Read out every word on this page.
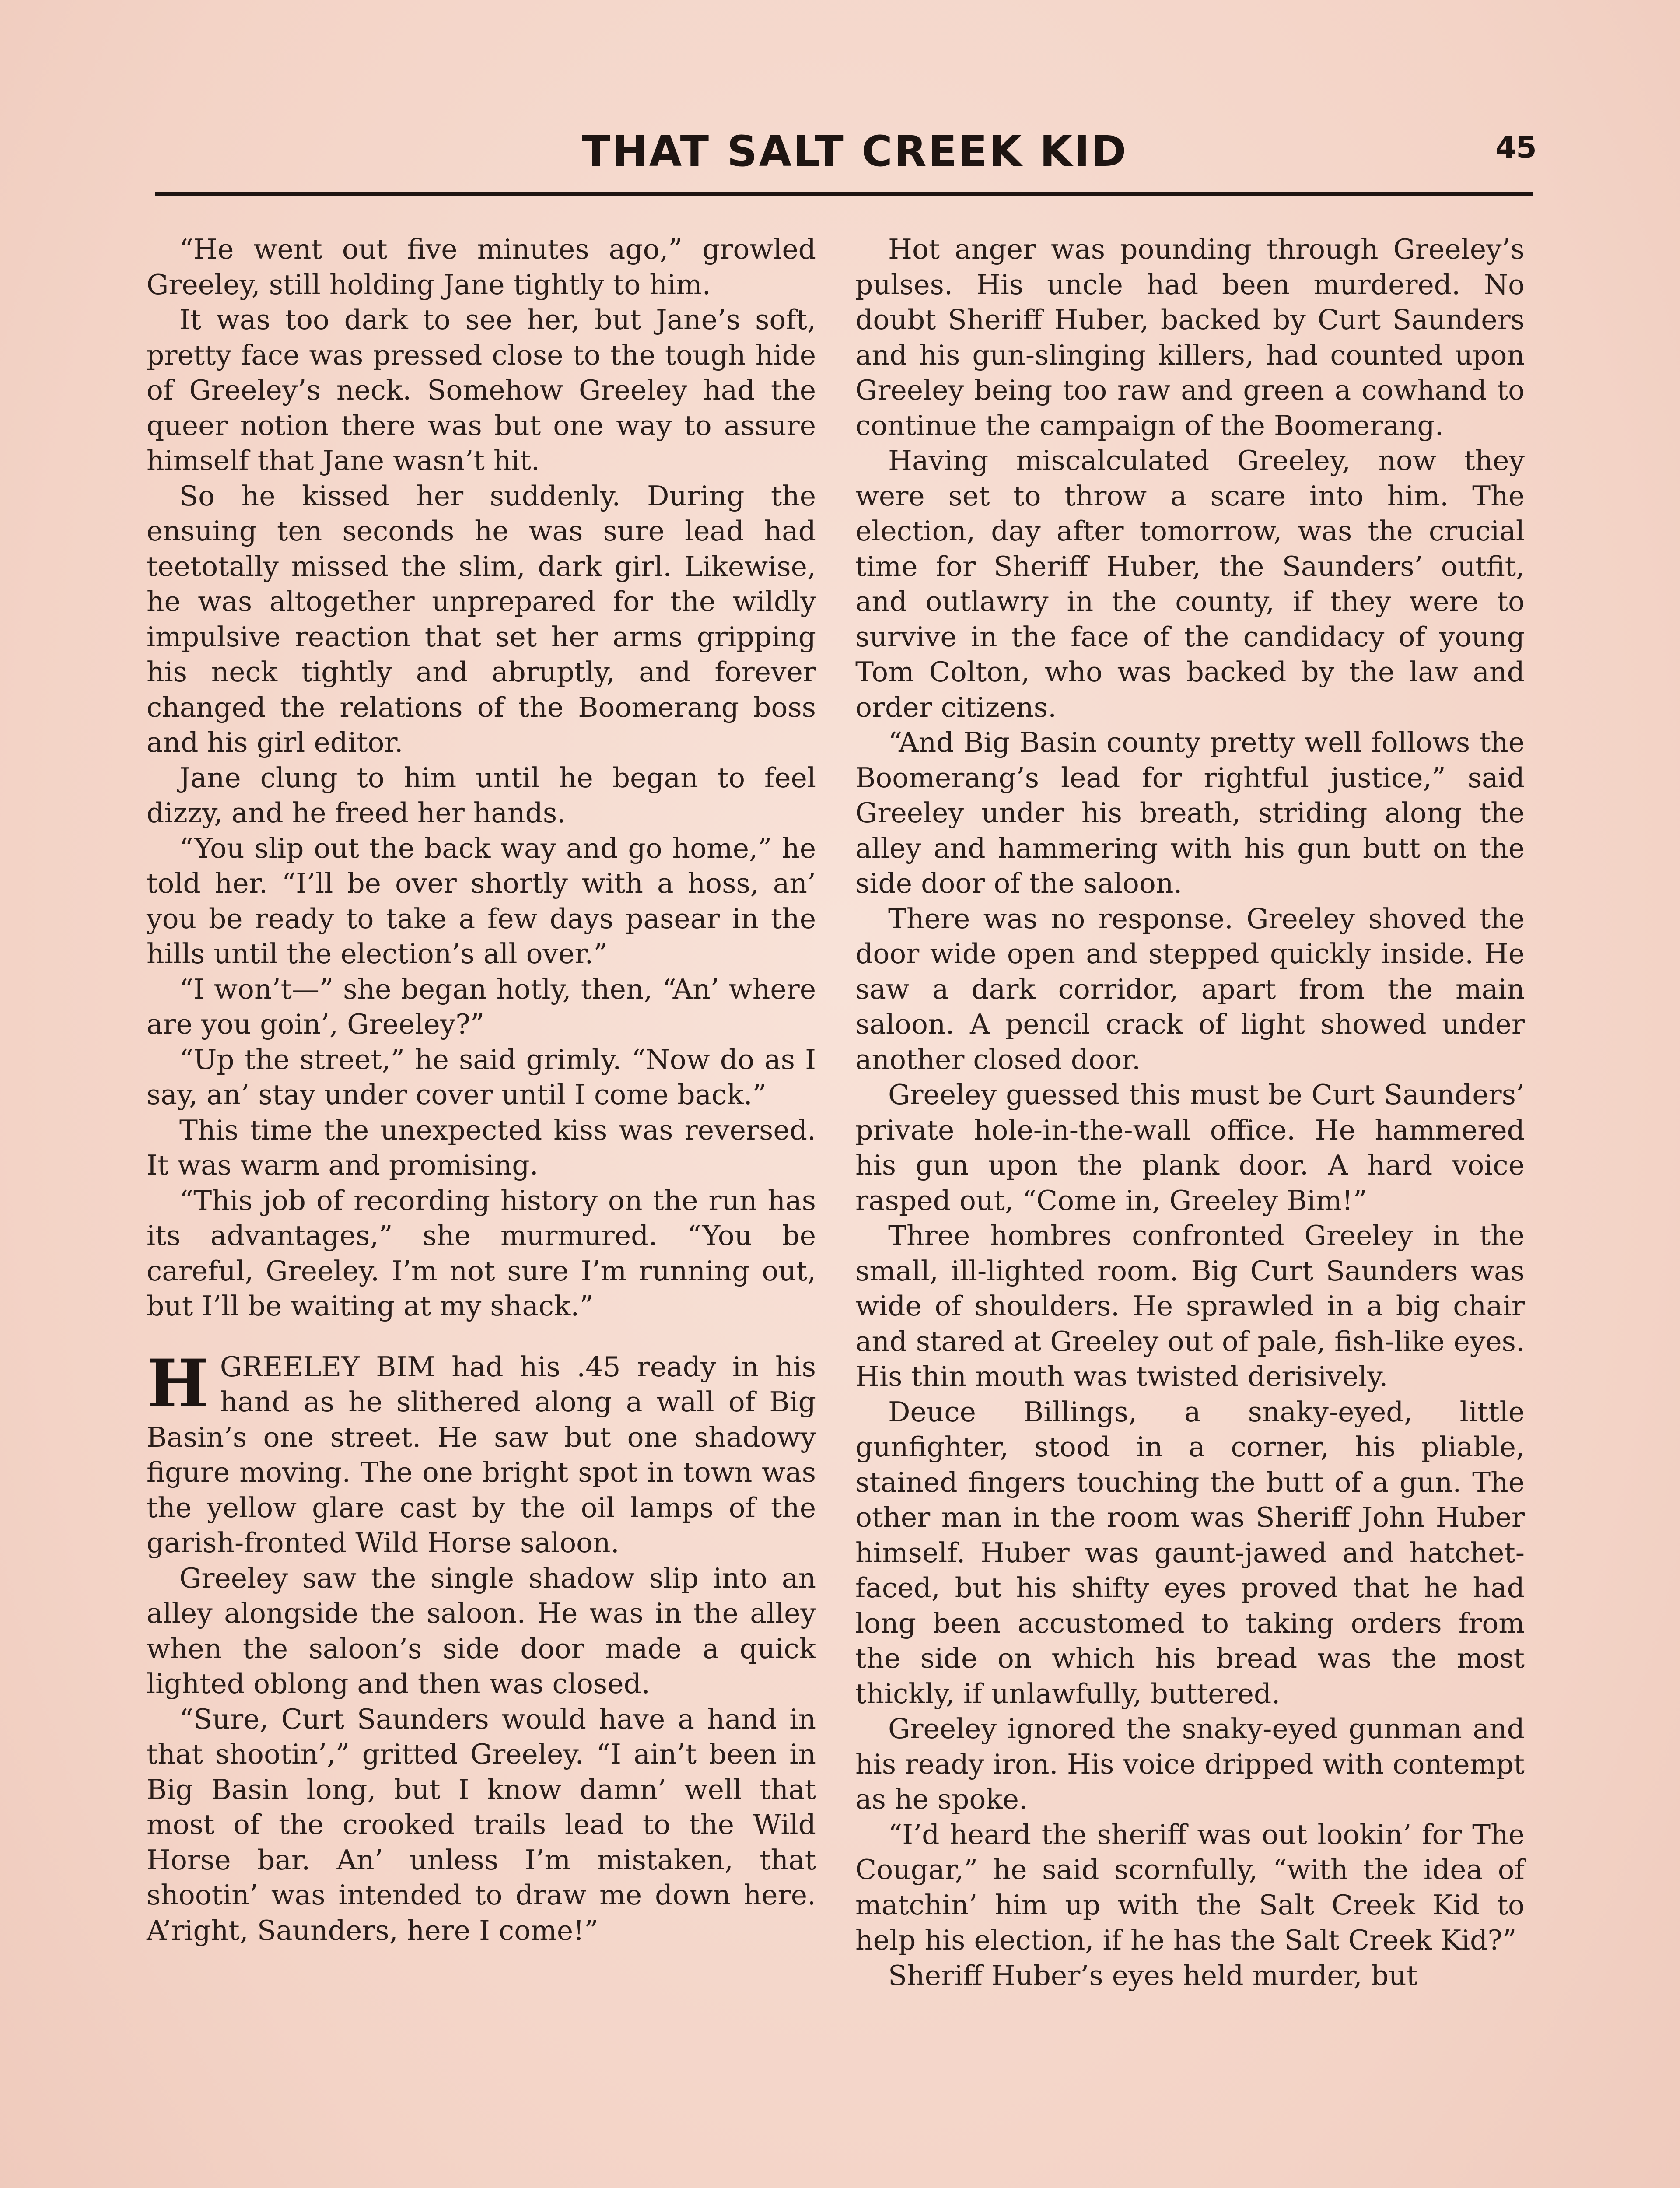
THAT SALT CREEK KID	45

“He went out five minutes ago,” growled Greeley, still holding Jane tightly to him.

It was too dark to see her, but Jane’s soft, pretty face was pressed close to the tough hide of Greeley’s neck. Somehow Greeley had the queer notion there was but one way to assure himself that Jane wasn’t hit.

So he kissed her suddenly. During the ensuing ten seconds he was sure lead had teetotally missed the slim, dark girl. Likewise, he was altogether unprepared for the wildly impulsive reaction that set her arms gripping his neck tightly and abruptly, and forever changed the relations of the Boomerang boss and his girl editor.

Jane clung to him until he began to feel dizzy, and he freed her hands.

“You slip out the back way and go home,” he told her. “I’ll be over shortly with a hoss, an’ you be ready to take a few days pasear in the hills until the election’s all over.”

“I won’t—” she began hotly, then, “An’ where are you goin’, Greeley?”

“Up the street,” he said grimly. “Now do as I say, an’ stay under cover until I come back.”

This time the unexpected kiss was reversed. It was warm and promising.

“This job of recording history on the run has its advantages,” she murmured. “You be careful, Greeley. I’m not sure I’m running out, but I’ll be waiting at my shack.”

H GREELEY BIM had his .45 ready in his hand as he slithered along a wall of Big Basin’s one street. He saw but one shadowy figure moving. The one bright spot in town was the yellow glare cast by the oil lamps of the garish-fronted Wild Horse saloon.

Greeley saw the single shadow slip into an alley alongside the saloon. He was in the alley when the saloon’s side door made a quick lighted oblong and then was closed.

“Sure, Curt Saunders would have a hand in that shootin’,” gritted Greeley. “I ain’t been in Big Basin long, but I know damn’ well that most of the crooked trails lead to the Wild Horse bar. An’ unless I’m mistaken, that shootin’ was intended to draw me down here. A’right, Saunders, here I come!”

Hot anger was pounding through Greeley’s pulses. His uncle had been murdered. No doubt Sheriff Huber, backed by Curt Saunders and his gun-slinging killers, had counted upon Greeley being too raw and green a cowhand to continue the campaign of the Boomerang.

Having miscalculated Greeley, now they were set to throw a scare into him. The election, day after tomorrow, was the crucial time for Sheriff Huber, the Saunders’ outfit, and outlawry in the county, if they were to survive in the face of the candidacy of young Tom Colton, who was backed by the law and order citizens.

“And Big Basin county pretty well follows the Boomerang’s lead for rightful justice,” said Greeley under his breath, striding along the alley and hammering with his gun butt on the side door of the saloon.

There was no response. Greeley shoved the door wide open and stepped quickly inside. He saw a dark corridor, apart from the main saloon. A pencil crack of light showed under another closed door.

Greeley guessed this must be Curt Saunders’ private hole-in-the-wall office. He hammered his gun upon the plank door. A hard voice rasped out, “Come in, Greeley Bim!”

Three hombres confronted Greeley in the small, ill-lighted room. Big Curt Saunders was wide of shoulders. He sprawled in a big chair and stared at Greeley out of pale, fish-like eyes. His thin mouth was twisted derisively.

Deuce Billings, a snaky-eyed, little gunfighter, stood in a corner, his pliable, stained fingers touching the butt of a gun. The other man in the room was Sheriff John Huber himself. Huber was gaunt-jawed and hatchet-faced, but his shifty eyes proved that he had long been accustomed to taking orders from the side on which his bread was the most thickly, if unlawfully, buttered.

Greeley ignored the snaky-eyed gunman and his ready iron. His voice dripped with contempt as he spoke.

“I’d heard the sheriff was out lookin’ for The Cougar,” he said scornfully, “with the idea of matchin’ him up with the Salt Creek Kid to help his election, if he has the Salt Creek Kid?”

Sheriff Huber’s eyes held murder, but
